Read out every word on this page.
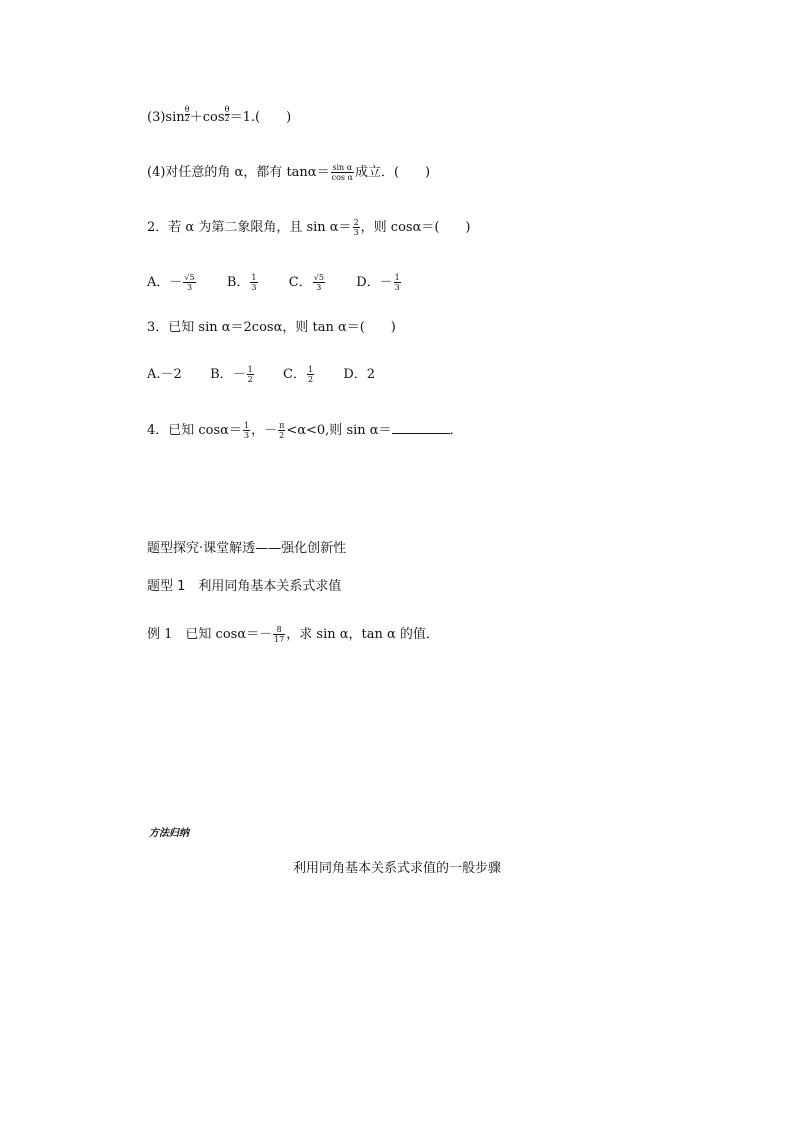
$(3)\sin \frac{\theta}{2}+\cos \frac{\theta}{2}=1$.(　　)
(4)对任意的角 α，都有 $\tan\alpha= \frac{\text{sin α}}{\text{cos α}}$ 成立．(　　)
2．若 α 为第二象限角，且 $\sin \alpha= \frac{2}{3}$ ，则 cosα＝(　　)
A．－ $\frac{√5}{3}$ B． $\frac{1}{3}$ C． $\frac{√5}{3}$ D．－ $\frac{1}{3}$
3．已知 sin α＝2cosα，则 tan α＝(　　)
A.－2 B．－ $\frac{1}{2}$ C． $\frac{1}{2}$ D．2
4．已知 $\cos\alpha= \frac{1}{3}$ ，－ $\frac{\pi}{2} <\alpha<0$,则 sin α＝	．
题型探究·课堂解透——强化创新性
题型 1　利用同角基本关系式求值
例 1　已知 $\cos\alpha=- \frac{8}{17}$ ，求 sin α，tan α 的值．
方法归纳
利用同角基本关系式求值的一般步骤
